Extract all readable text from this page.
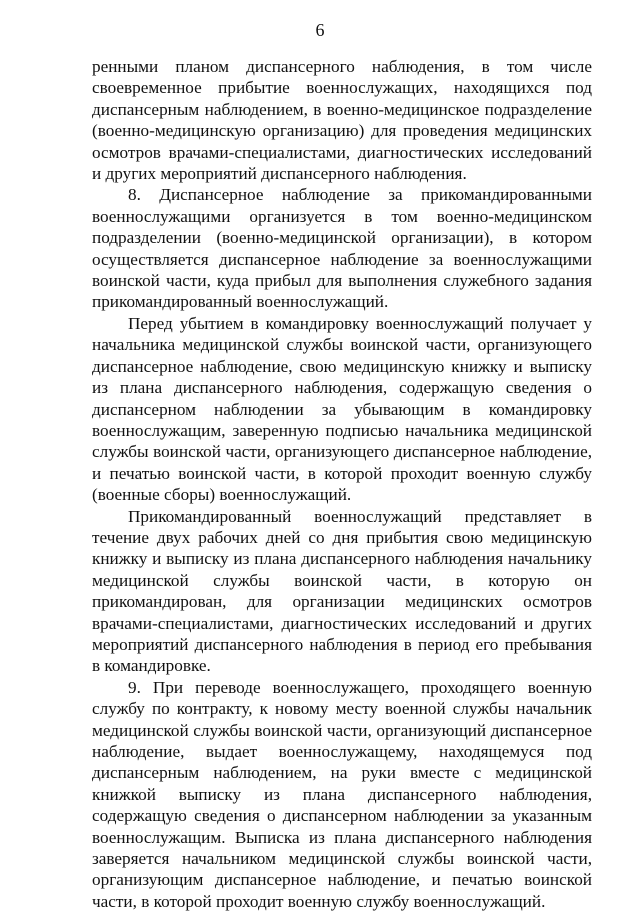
6

ренными планом диспансерного наблюдения, в том числе своевременное прибытие военнослужащих, находящихся под диспансерным наблюдением, в военно-медицинское подразделение (военно-медицинскую организацию) для проведения медицинских осмотров врачами-специалистами, диагностических исследований и других мероприятий диспансерного наблюдения.

8. Диспансерное наблюдение за прикомандированными военнослужащими организуется в том военно-медицинском подразделении (военно-медицинской организации), в котором осуществляется диспансерное наблюдение за военнослужащими воинской части, куда прибыл для выполнения служебного задания прикомандированный военнослужащий.

Перед убытием в командировку военнослужащий получает у начальника медицинской службы воинской части, организующего диспансерное наблюдение, свою медицинскую книжку и выписку из плана диспансерного наблюдения, содержащую сведения о диспансерном наблюдении за убывающим в командировку военнослужащим, заверенную подписью начальника медицинской службы воинской части, организующего диспансерное наблюдение, и печатью воинской части, в которой проходит военную службу (военные сборы) военнослужащий.

Прикомандированный военнослужащий представляет в течение двух рабочих дней со дня прибытия свою медицинскую книжку и выписку из плана диспансерного наблюдения начальнику медицинской службы воинской части, в которую он прикомандирован, для организации медицинских осмотров врачами-специалистами, диагностических исследований и других мероприятий диспансерного наблюдения в период его пребывания в командировке.

9. При переводе военнослужащего, проходящего военную службу по контракту, к новому месту военной службы начальник медицинской службы воинской части, организующий диспансерное наблюдение, выдает военнослужащему, находящемуся под диспансерным наблюдением, на руки вместе с медицинской книжкой выписку из плана диспансерного наблюдения, содержащую сведения о диспансерном наблюдении за указанным военнослужащим. Выписка из плана диспансерного наблюдения заверяется начальником медицинской службы воинской части, организующим диспансерное наблюдение, и печатью воинской части, в которой проходит военную службу военнослужащий.
